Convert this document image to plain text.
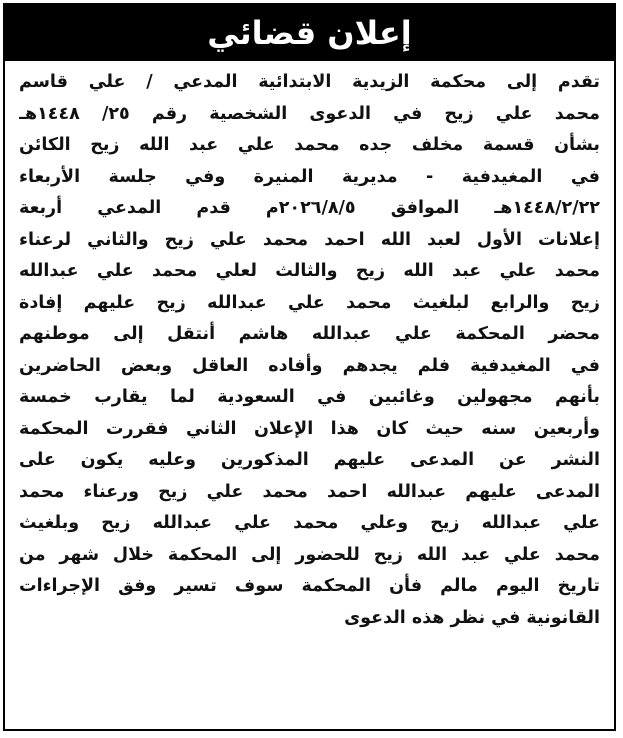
إعلان قضائي
تقدم إلى محكمة الزيدية الابتدائية المدعي / علي قاسم
محمد علي زيح في الدعوى الشخصية رقم ٢٥/ ١٤٤٨هـ
بشأن قسمة مخلف جده محمد علي عبد الله زيح الكائن
في المغيدفية - مديرية المنيرة وفي جلسة الأربعاء
١٤٤٨/٢/٢٢هـ الموافق ٢٠٢٦/٨/٥م قدم المدعي أربعة
إعلانات الأول لعبد الله احمد محمد علي زيح والثاني لرعناء
محمد علي عبد الله زيح والثالث لعلي محمد علي عبدالله
زيح والرابع لبلغيث محمد علي عبدالله زيح عليهم إفادة
محضر المحكمة علي عبدالله هاشم أنتقل إلى موطنهم
في المغيدفية فلم يجدهم وأفاده العاقل وبعض الحاضرين
بأنهم مجهولين وغائبين في السعودية لما يقارب خمسة
وأربعين سنه حيث كان هذا الإعلان الثاني فقررت المحكمة
النشر عن المدعى عليهم المذكورين وعليه يكون على
المدعى عليهم عبدالله احمد محمد علي زيح ورعناء محمد
علي عبدالله زيح وعلي محمد علي عبدالله زيح وبلغيث
محمد علي عبد الله زيح للحضور إلى المحكمة خلال شهر من
تاريخ اليوم مالم فأن المحكمة سوف تسير وفق الإجراءات
القانونية في نظر هذه الدعوى
